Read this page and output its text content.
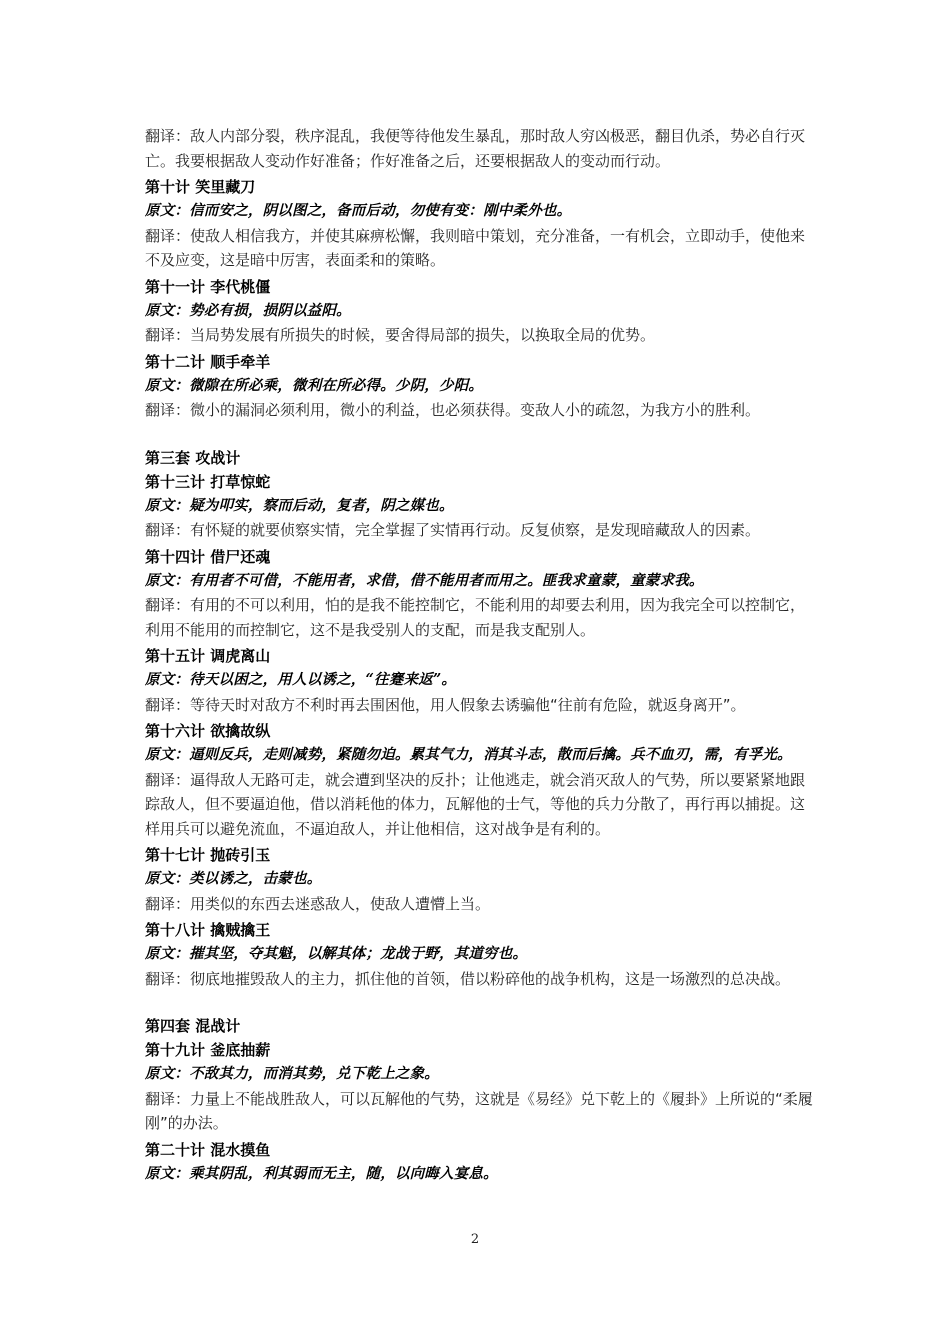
翻译：敌人内部分裂，秩序混乱，我便等待他发生暴乱，那时敌人穷凶极恶，翻目仇杀，势必自行灭亡。我要根据敌人变动作好准备；作好准备之后，还要根据敌人的变动而行动。

第十计 笑里藏刀

原文：信而安之，阴以图之，备而后动，勿使有变：刚中柔外也。

翻译：使敌人相信我方，并使其麻痹松懈，我则暗中策划，充分准备，一有机会，立即动手，使他来不及应变，这是暗中厉害，表面柔和的策略。

第十一计 李代桃僵

原文：势必有损，损阴以益阳。

翻译：当局势发展有所损失的时候，要舍得局部的损失，以换取全局的优势。

第十二计 顺手牵羊

原文：微隙在所必乘，微利在所必得。少阴，少阳。

翻译：微小的漏洞必须利用，微小的利益，也必须获得。变敌人小的疏忽，为我方小的胜利。

第三套 攻战计

第十三计 打草惊蛇

原文：疑为叩实，察而后动，复者，阴之媒也。

翻译：有怀疑的就要侦察实情，完全掌握了实情再行动。反复侦察，是发现暗藏敌人的因素。

第十四计 借尸还魂

原文：有用者不可借，不能用者，求借，借不能用者而用之。匪我求童蒙，童蒙求我。

翻译：有用的不可以利用，怕的是我不能控制它，不能利用的却要去利用，因为我完全可以控制它，利用不能用的而控制它，这不是我受别人的支配，而是我支配别人。

第十五计 调虎离山

原文：待天以困之，用人以诱之，“往蹇来返”。

翻译：等待天时对敌方不利时再去围困他，用人假象去诱骗他“往前有危险，就返身离开”。

第十六计 欲擒故纵

原文：逼则反兵，走则减势，紧随勿迫。累其气力，消其斗志，散而后擒。兵不血刃，需，有孚光。

翻译：逼得敌人无路可走，就会遭到坚决的反扑；让他逃走，就会消灭敌人的气势，所以要紧紧地跟踪敌人，但不要逼迫他，借以消耗他的体力，瓦解他的士气，等他的兵力分散了，再行再以捕捉。这样用兵可以避免流血，不逼迫敌人，并让他相信，这对战争是有利的。

第十七计 抛砖引玉

原文：类以诱之，击蒙也。

翻译：用类似的东西去迷惑敌人，使敌人遭懵上当。

第十八计 擒贼擒王

原文：摧其坚，夺其魁，以解其体；龙战于野，其道穷也。

翻译：彻底地摧毁敌人的主力，抓住他的首领，借以粉碎他的战争机构，这是一场激烈的总决战。

第四套 混战计

第十九计 釜底抽薪

原文：不敌其力，而消其势，兑下乾上之象。

翻译：力量上不能战胜敌人，可以瓦解他的气势，这就是《易经》兑下乾上的《履卦》上所说的“柔履刚”的办法。

第二十计 混水摸鱼

原文：乘其阴乱，利其弱而无主，随，以向晦入宴息。

2
